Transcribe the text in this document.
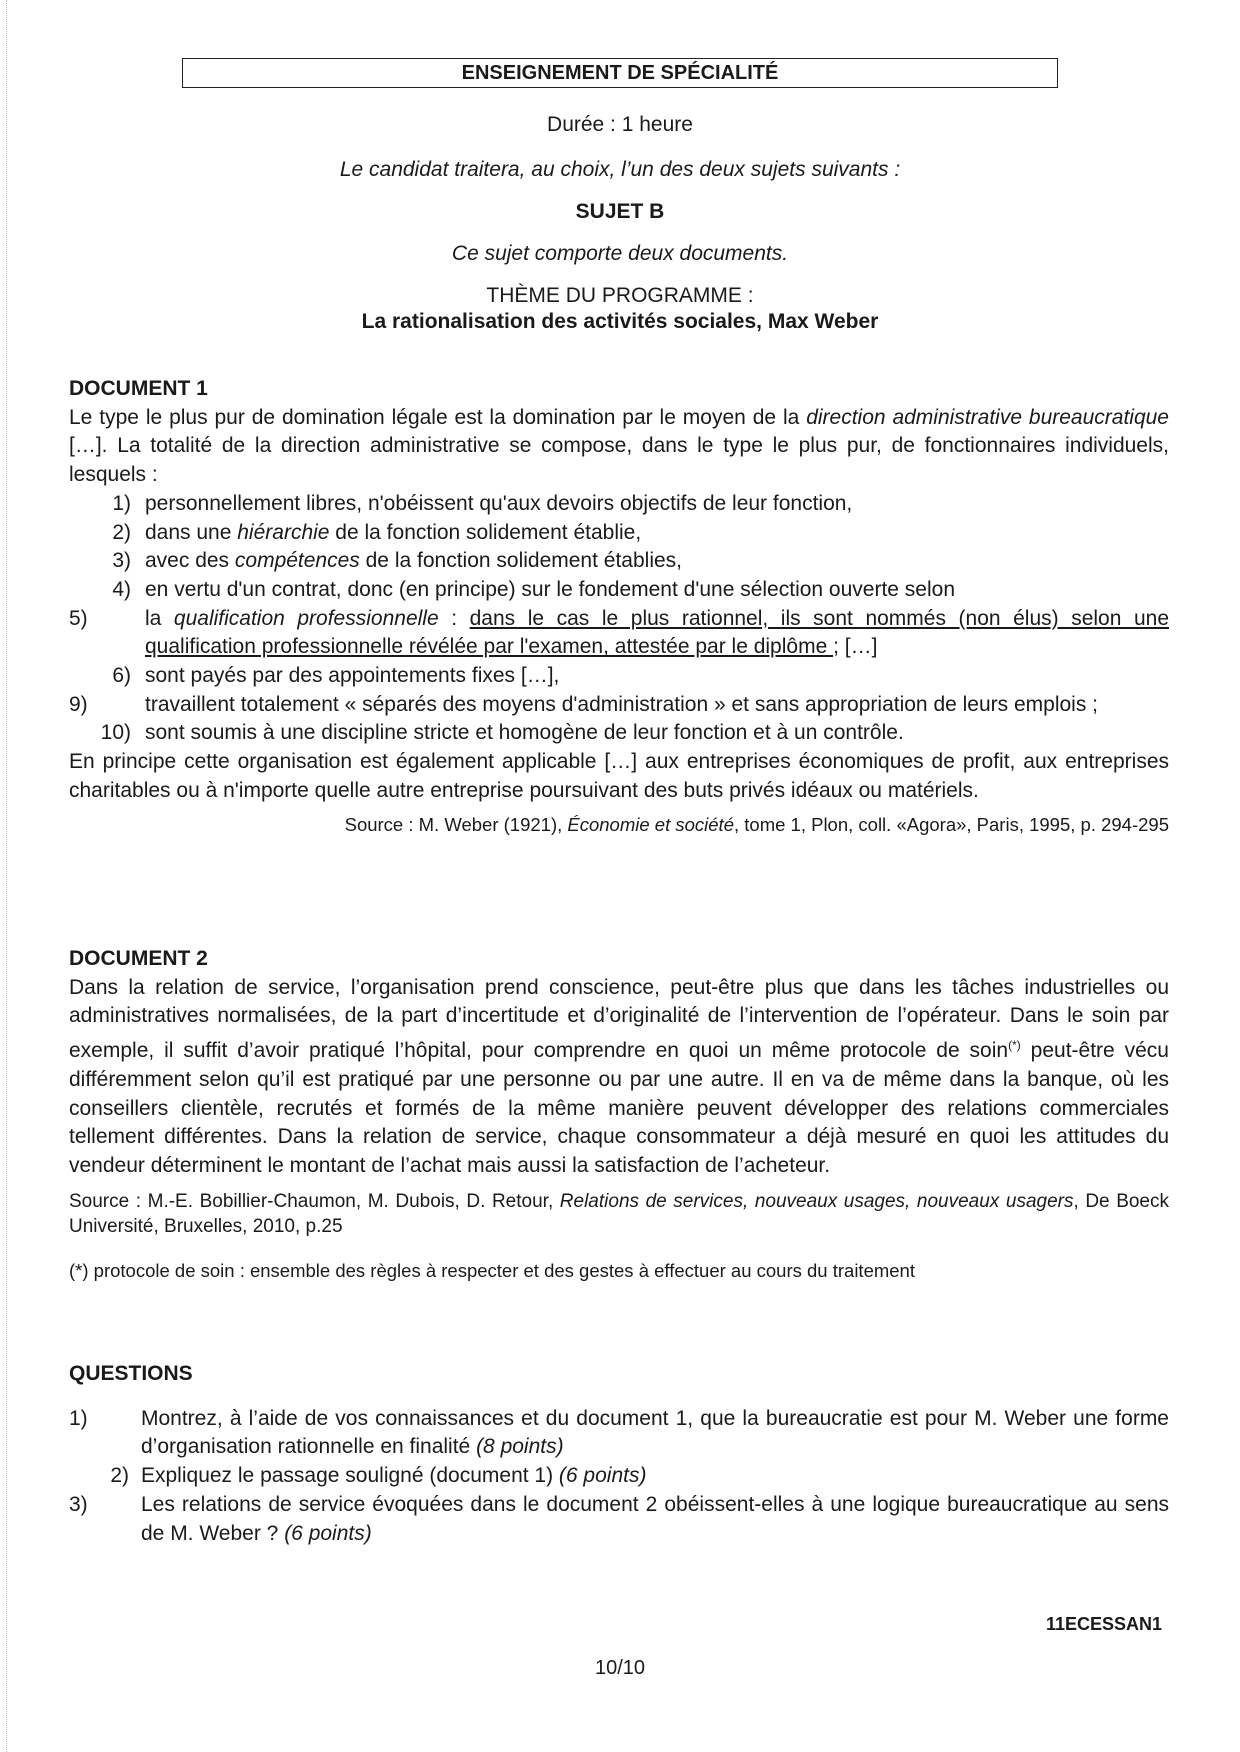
ENSEIGNEMENT DE SPÉCIALITÉ
Durée : 1 heure
Le candidat traitera, au choix, l’un des deux sujets suivants :
SUJET B
Ce sujet comporte deux documents.
THÈME DU PROGRAMME :
La rationalisation des activités sociales, Max Weber
DOCUMENT 1
Le type le plus pur de domination légale est la domination par le moyen de la direction administrative bureaucratique […]. La totalité de la direction administrative se compose, dans le type le plus pur, de fonctionnaires individuels, lesquels :
1) personnellement libres, n'obéissent qu'aux devoirs objectifs de leur fonction,
2) dans une hiérarchie de la fonction solidement établie,
3) avec des compétences de la fonction solidement établies,
4) en vertu d'un contrat, donc (en principe) sur le fondement d'une sélection ouverte selon
5)	la qualification professionnelle : dans le cas le plus rationnel, ils sont nommés (non élus) selon une qualification professionnelle révélée par l'examen, attestée par le diplôme ; […]
6) sont payés par des appointements fixes […],
9)	travaillent totalement « séparés des moyens d'administration » et sans appropriation de leurs emplois ;
10) sont soumis à une discipline stricte et homogène de leur fonction et à un contrôle.
En principe cette organisation est également applicable […] aux entreprises économiques de profit, aux entreprises charitables ou à n'importe quelle autre entreprise poursuivant des buts privés idéaux ou matériels.
Source : M. Weber (1921), Économie et société, tome 1, Plon, coll. «Agora», Paris, 1995, p. 294-295
DOCUMENT 2
Dans la relation de service, l’organisation prend conscience, peut-être plus que dans les tâches industrielles ou administratives normalisées, de la part d’incertitude et d’originalité de l’intervention de l’opérateur. Dans le soin par exemple, il suffit d’avoir pratiqué l’hôpital, pour comprendre en quoi un même protocole de soin(*) peut-être vécu différemment selon qu’il est pratiqué par une personne ou par une autre. Il en va de même dans la banque, où les conseillers clientèle, recrutés et formés de la même manière peuvent développer des relations commerciales tellement différentes. Dans la relation de service, chaque consommateur a déjà mesuré en quoi les attitudes du vendeur déterminent le montant de l’achat mais aussi la satisfaction de l’acheteur.
Source : M.-E. Bobillier-Chaumon, M. Dubois, D. Retour, Relations de services, nouveaux usages, nouveaux usagers, De Boeck Université, Bruxelles, 2010, p.25
(*) protocole de soin : ensemble des règles à respecter et des gestes à effectuer au cours du traitement
QUESTIONS
1)	Montrez, à l’aide de vos connaissances et du document 1, que la bureaucratie est pour M. Weber une forme d’organisation rationnelle en finalité (8 points)
2) Expliquez le passage souligné (document 1) (6 points)
3)	Les relations de service évoquées dans le document 2 obéissent-elles à une logique bureaucratique au sens de M. Weber ? (6 points)
11ECESSAN1
10/10
